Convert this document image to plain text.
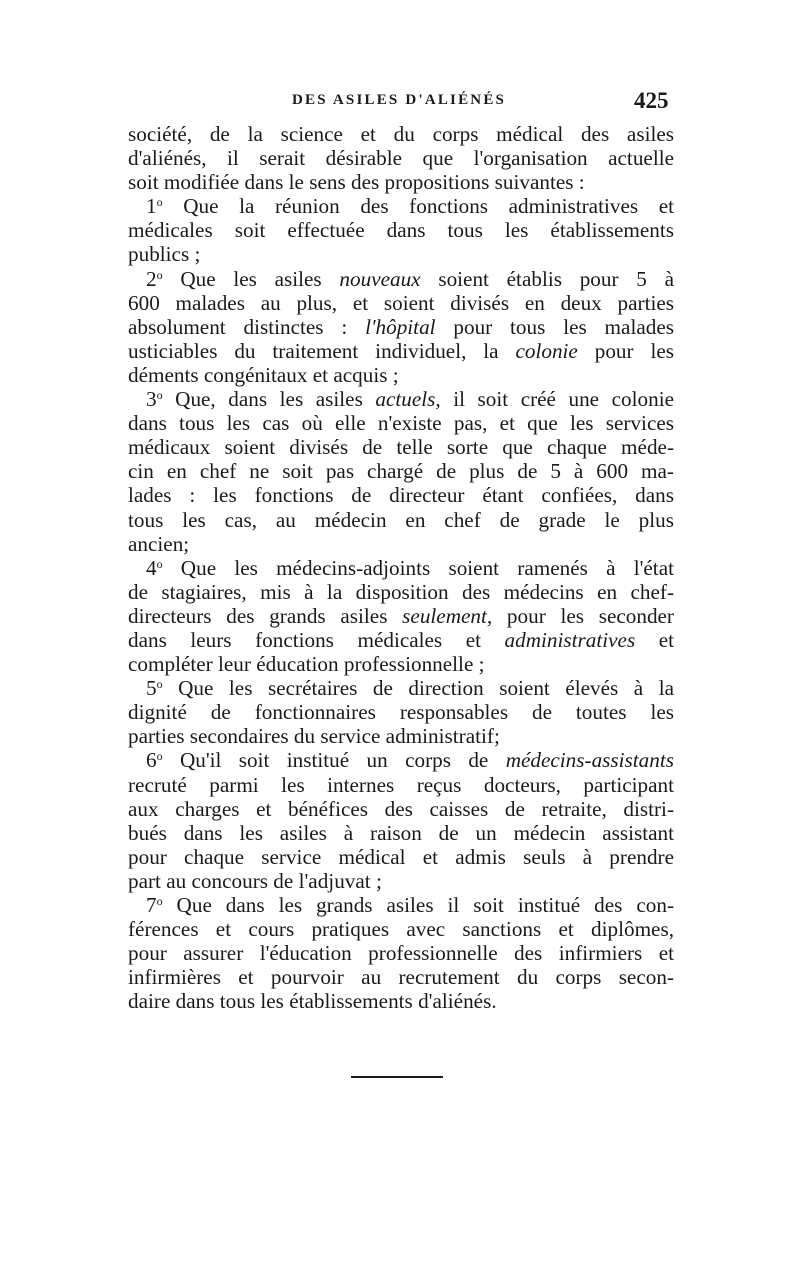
DES ASILES D'ALIÉNÉS	425
société, de la science et du corps médical des asiles
d'aliénés, il serait désirable que l'organisation actuelle
soit modifiée dans le sens des propositions suivantes :
1$^o$ Que la réunion des fonctions administratives et
médicales soit effectuée dans tous les établissements
publics ;
2$^o$ Que les asiles nouveaux soient établis pour 5 à
600 malades au plus, et soient divisés en deux parties
absolument distinctes : l'hôpital pour tous les malades
usticiables du traitement individuel, la colonie pour les
déments congénitaux et acquis ;
3$^o$ Que, dans les asiles actuels, il soit créé une colonie
dans tous les cas où elle n'existe pas, et que les services
médicaux soient divisés de telle sorte que chaque méde-
cin en chef ne soit pas chargé de plus de 5 à 600 ma-
lades : les fonctions de directeur étant confiées, dans
tous les cas, au médecin en chef de grade le plus
ancien;
4$^o$ Que les médecins-adjoints soient ramenés à l'état
de stagiaires, mis à la disposition des médecins en chef-
directeurs des grands asiles seulement, pour les seconder
dans leurs fonctions médicales et administratives et
compléter leur éducation professionnelle ;
5$^o$ Que les secrétaires de direction soient élevés à la
dignité de fonctionnaires responsables de toutes les
parties secondaires du service administratif;
6$^o$ Qu'il soit institué un corps de médecins-assistants
recruté parmi les internes reçus docteurs, participant
aux charges et bénéfices des caisses de retraite, distri-
bués dans les asiles à raison de un médecin assistant
pour chaque service médical et admis seuls à prendre
part au concours de l'adjuvat ;
7$^o$ Que dans les grands asiles il soit institué des con-
férences et cours pratiques avec sanctions et diplômes,
pour assurer l'éducation professionnelle des infirmiers et
infirmières et pourvoir au recrutement du corps secon-
daire dans tous les établissements d'aliénés.
